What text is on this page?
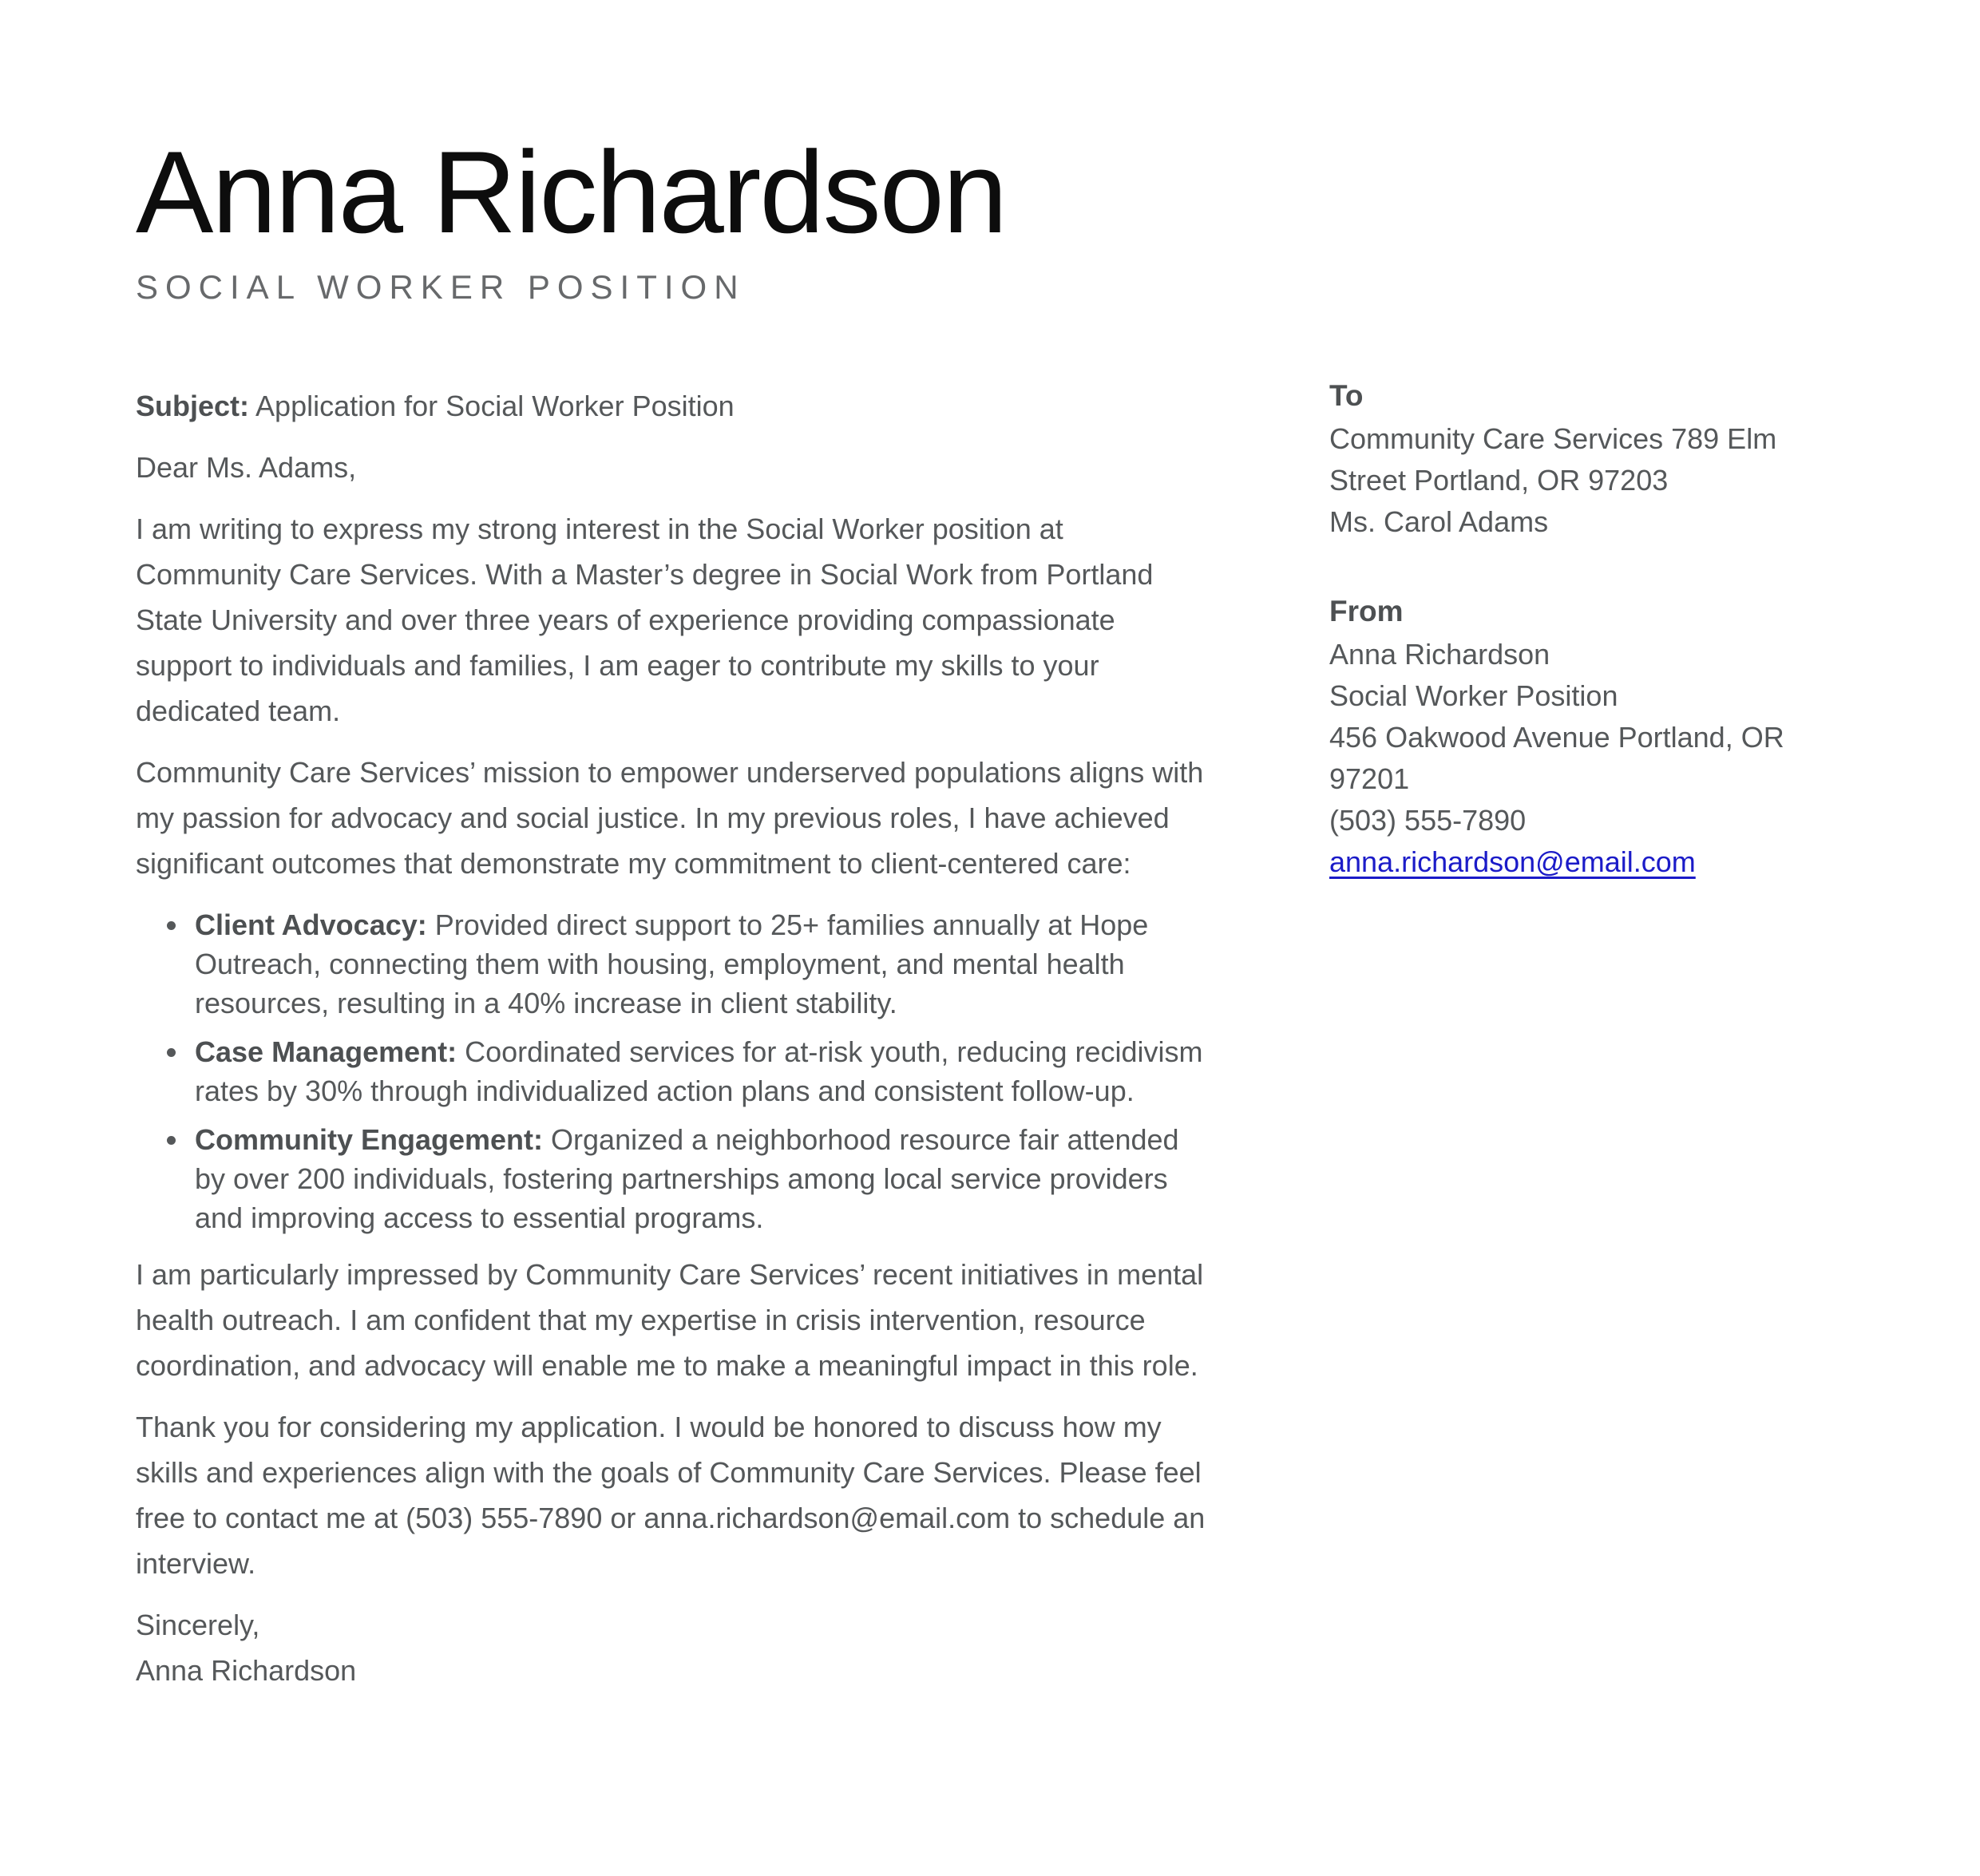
Anna Richardson
SOCIAL WORKER POSITION

Subject: Application for Social Worker Position

Dear Ms. Adams,

I am writing to express my strong interest in the Social Worker position at Community Care Services. With a Master’s degree in Social Work from Portland State University and over three years of experience providing compassionate support to individuals and families, I am eager to contribute my skills to your dedicated team.

Community Care Services’ mission to empower underserved populations aligns with my passion for advocacy and social justice. In my previous roles, I have achieved significant outcomes that demonstrate my commitment to client-centered care:

• Client Advocacy: Provided direct support to 25+ families annually at Hope Outreach, connecting them with housing, employment, and mental health resources, resulting in a 40% increase in client stability.
• Case Management: Coordinated services for at-risk youth, reducing recidivism rates by 30% through individualized action plans and consistent follow-up.
• Community Engagement: Organized a neighborhood resource fair attended by over 200 individuals, fostering partnerships among local service providers and improving access to essential programs.

I am particularly impressed by Community Care Services’ recent initiatives in mental health outreach. I am confident that my expertise in crisis intervention, resource coordination, and advocacy will enable me to make a meaningful impact in this role.

Thank you for considering my application. I would be honored to discuss how my skills and experiences align with the goals of Community Care Services. Please feel free to contact me at (503) 555-7890 or anna.richardson@email.com to schedule an interview.

Sincerely,
Anna Richardson

To
Community Care Services 789 Elm Street Portland, OR 97203
Ms. Carol Adams
From
Anna Richardson
Social Worker Position
456 Oakwood Avenue Portland, OR 97201
(503) 555-7890
anna.richardson@email.com
